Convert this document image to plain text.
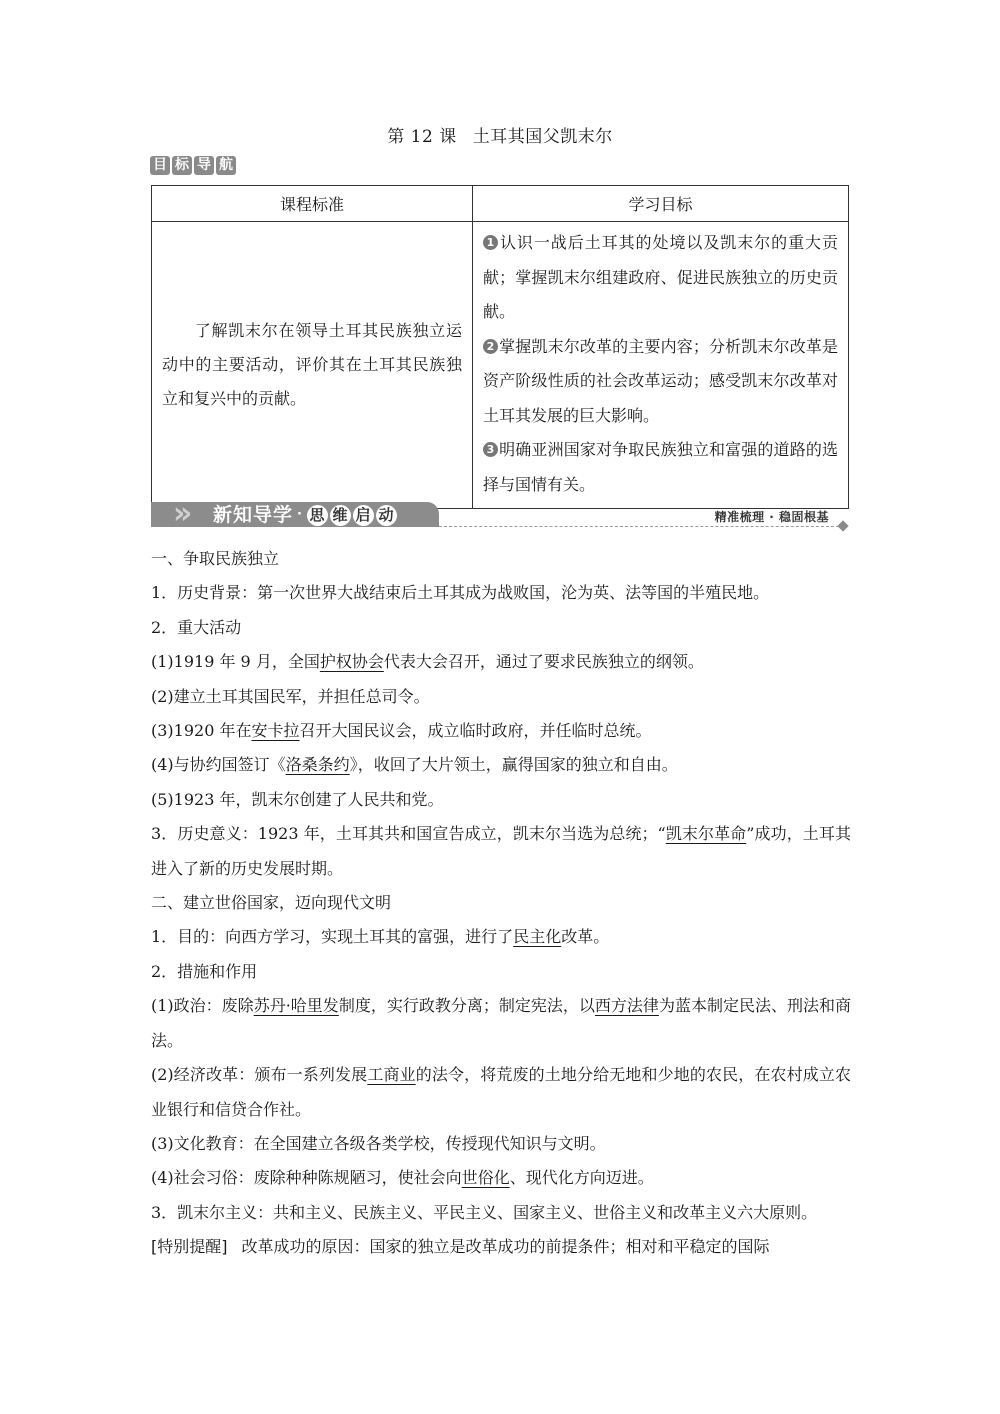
第 12 课 土耳其国父凯末尔
目 标 导 航
课程标准	学习目标
了解凯末尔在领导土耳其民族独立运动中的主要活动，评价其在土耳其民族独立和复兴中的贡献。	1 认识一战后土耳其的处境以及凯末尔的重大贡献；掌握凯末尔组建政府、促进民族独立的历史贡献。
2 掌握凯末尔改革的主要内容；分析凯末尔改革是资产阶级性质的社会改革运动；感受凯末尔改革对土耳其发展的巨大影响。
3 明确亚洲国家对争取民族独立和富强的道路的选择与国情有关。
» 新知导学 · 思 维 启 动	精准梳理 · 稳固根基

一、争取民族独立

1．历史背景：第一次世界大战结束后土耳其成为战败国，沦为英、法等国的半殖民地。

2．重大活动

(1)1919 年 9 月，全国护权协会代表大会召开，通过了要求民族独立的纲领。

(2)建立土耳其国民军，并担任总司令。

(3)1920 年在安卡拉召开大国民议会，成立临时政府，并任临时总统。

(4)与协约国签订《洛桑条约》，收回了大片领土，赢得国家的独立和自由。

(5)1923 年，凯末尔创建了人民共和党。

3．历史意义：1923 年，土耳其共和国宣告成立，凯末尔当选为总统；“凯末尔革命”成功，土耳其进入了新的历史发展时期。

二、建立世俗国家，迈向现代文明

1．目的：向西方学习，实现土耳其的富强，进行了民主化改革。

2．措施和作用

(1)政治：废除苏丹·哈里发制度，实行政教分离；制定宪法，以西方法律为蓝本制定民法、刑法和商法。

(2)经济改革：颁布一系列发展工商业的法令，将荒废的土地分给无地和少地的农民，在农村成立农业银行和信贷合作社。

(3)文化教育：在全国建立各级各类学校，传授现代知识与文明。

(4)社会习俗：废除种种陈规陋习，使社会向世俗化、现代化方向迈进。

3．凯末尔主义：共和主义、民族主义、平民主义、国家主义、世俗主义和改革主义六大原则。

[特别提醒] 改革成功的原因：国家的独立是改革成功的前提条件；相对和平稳定的国际
